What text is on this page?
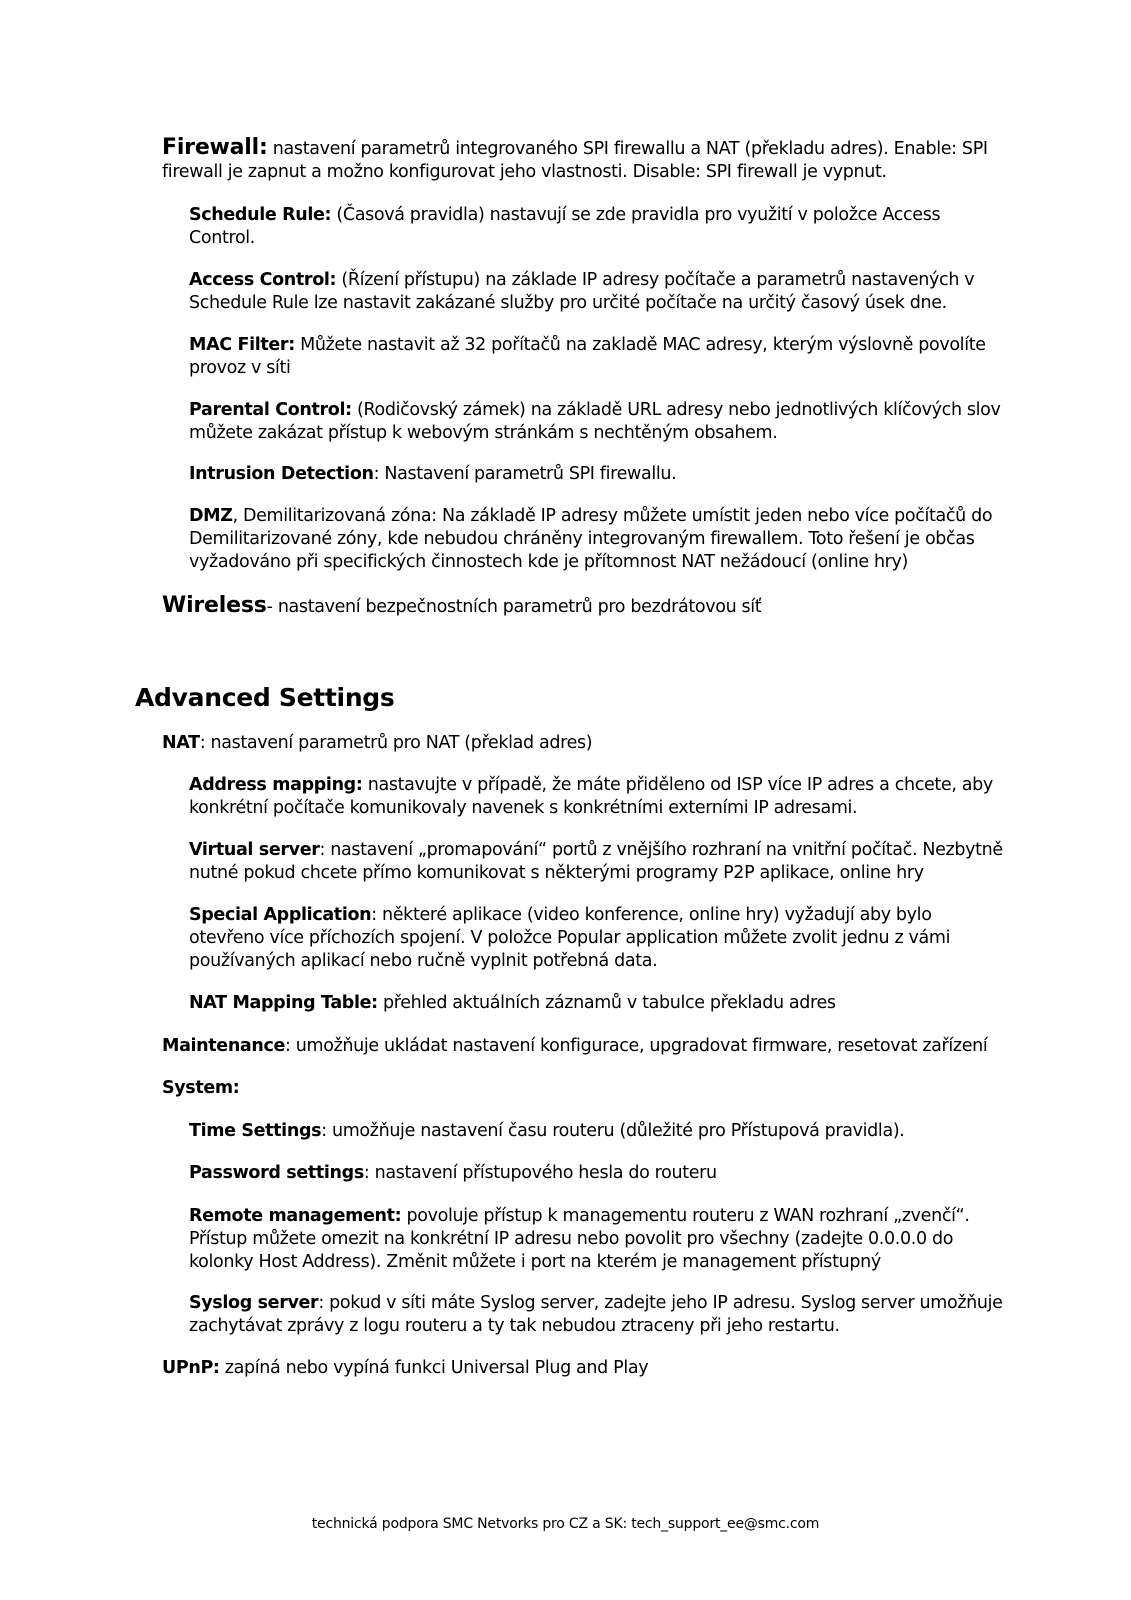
Firewall: nastavení parametrů integrovaného SPI firewallu a NAT (překladu adres). Enable: SPI firewall je zapnut a možno konfigurovat jeho vlastnosti. Disable: SPI firewall je vypnut.

Schedule Rule: (Časová pravidla) nastavují se zde pravidla pro využití v položce Access Control.

Access Control: (Řízení přístupu) na základe IP adresy počítače a parametrů nastavených v Schedule Rule lze nastavit zakázané služby pro určité počítače na určitý časový úsek dne.

MAC Filter: Můžete nastavit až 32 pořítačů na zakladě MAC adresy, kterým výslovně povolíte provoz v síti

Parental Control: (Rodičovský zámek) na základě URL adresy nebo jednotlivých klíčových slov můžete zakázat přístup k webovým stránkám s nechtěným obsahem.

Intrusion Detection: Nastavení parametrů SPI firewallu.

DMZ, Demilitarizovaná zóna: Na základě IP adresy můžete umístit jeden nebo více počítačů do Demilitarizované zóny, kde nebudou chráněny integrovaným firewallem. Toto řešení je občas vyžadováno při specifických činnostech kde je přítomnost NAT nežádoucí (online hry)

Wireless- nastavení bezpečnostních parametrů pro bezdrátovou síť

Advanced Settings

NAT: nastavení parametrů pro NAT (překlad adres)

Address mapping: nastavujte v případě, že máte přiděleno od ISP více IP adres a chcete, aby konkrétní počítače komunikovaly navenek s konkrétními externími IP adresami.

Virtual server: nastavení „promapování“ portů z vnějšího rozhraní na vnitřní počítač. Nezbytně nutné pokud chcete přímo komunikovat s některými programy P2P aplikace, online hry

Special Application: některé aplikace (video konference, online hry) vyžadují aby bylo otevřeno více příchozích spojení. V položce Popular application můžete zvolit jednu z vámi používaných aplikací nebo ručně vyplnit potřebná data.

NAT Mapping Table: přehled aktuálních záznamů v tabulce překladu adres

Maintenance: umožňuje ukládat nastavení konfigurace, upgradovat firmware, resetovat zařízení

System:

Time Settings: umožňuje nastavení času routeru (důležité pro Přístupová pravidla).

Password settings: nastavení přístupového hesla do routeru

Remote management: povoluje přístup k managementu routeru z WAN rozhraní „zvenčí“. Přístup můžete omezit na konkrétní IP adresu nebo povolit pro všechny (zadejte 0.0.0.0 do kolonky Host Address). Změnit můžete i port na kterém je management přístupný

Syslog server: pokud v síti máte Syslog server, zadejte jeho IP adresu. Syslog server umožňuje zachytávat zprávy z logu routeru a ty tak nebudou ztraceny při jeho restartu.

UPnP: zapíná nebo vypíná funkci Universal Plug and Play

technická podpora SMC Netvorks pro CZ a SK: tech_support_ee@smc.com
